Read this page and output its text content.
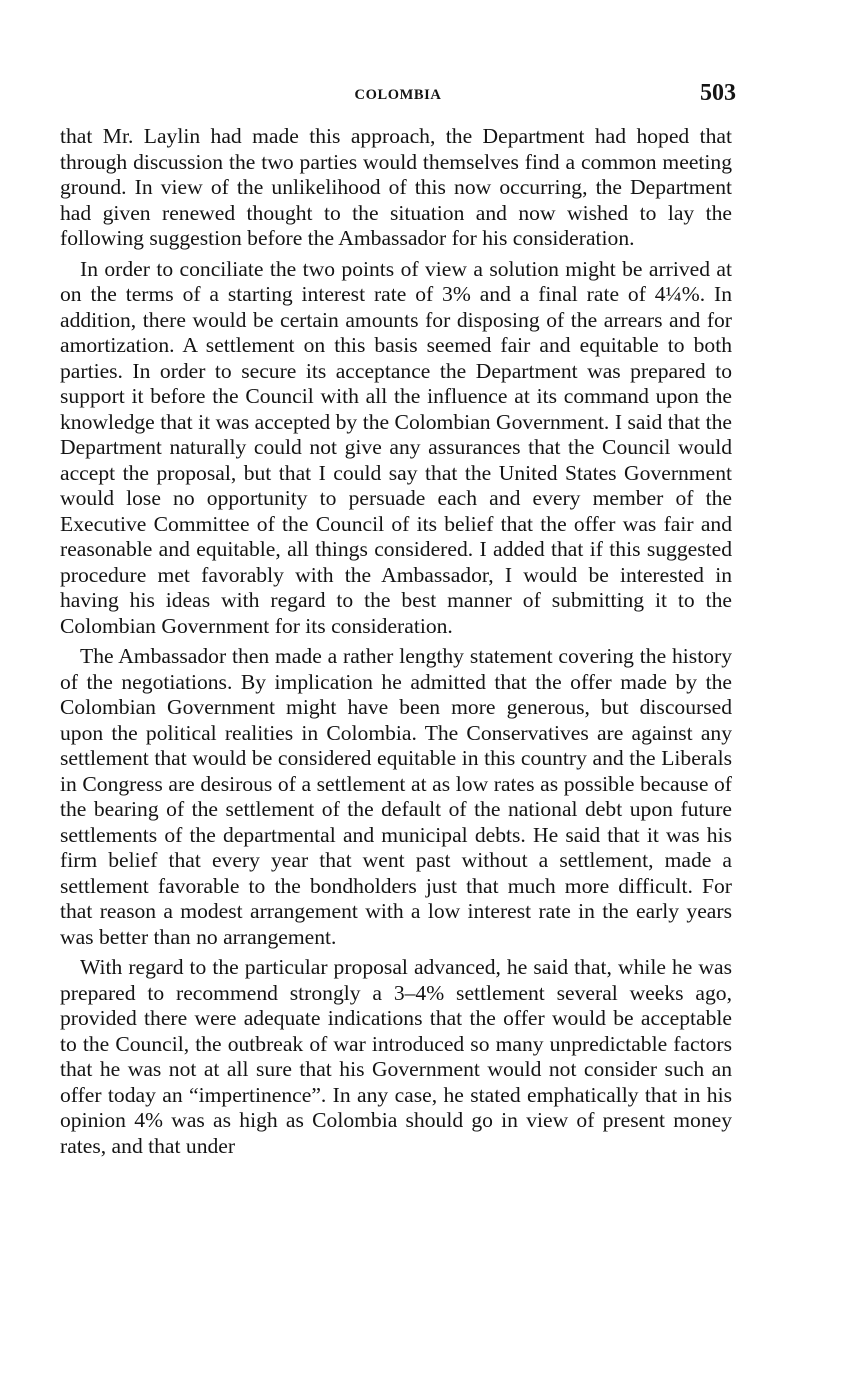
COLOMBIA	503

that Mr. Laylin had made this approach, the Department had hoped that through discussion the two parties would themselves find a common meeting ground. In view of the unlikelihood of this now occurring, the Department had given renewed thought to the situation and now wished to lay the following suggestion before the Ambassador for his consideration.

In order to conciliate the two points of view a solution might be arrived at on the terms of a starting interest rate of 3% and a final rate of 4¼%. In addition, there would be certain amounts for disposing of the arrears and for amortization. A settlement on this basis seemed fair and equitable to both parties. In order to secure its acceptance the Department was prepared to support it before the Council with all the influence at its command upon the knowledge that it was accepted by the Colombian Government. I said that the Department naturally could not give any assurances that the Council would accept the proposal, but that I could say that the United States Government would lose no opportunity to persuade each and every member of the Executive Committee of the Council of its belief that the offer was fair and reasonable and equitable, all things considered. I added that if this suggested procedure met favorably with the Ambassador, I would be interested in having his ideas with regard to the best manner of submitting it to the Colombian Government for its consideration.

The Ambassador then made a rather lengthy statement covering the history of the negotiations. By implication he admitted that the offer made by the Colombian Government might have been more generous, but discoursed upon the political realities in Colombia. The Conservatives are against any settlement that would be considered equitable in this country and the Liberals in Congress are desirous of a settlement at as low rates as possible because of the bearing of the settlement of the default of the national debt upon future settlements of the departmental and municipal debts. He said that it was his firm belief that every year that went past without a settlement, made a settlement favorable to the bondholders just that much more difficult. For that reason a modest arrangement with a low interest rate in the early years was better than no arrangement.

With regard to the particular proposal advanced, he said that, while he was prepared to recommend strongly a 3–4% settlement several weeks ago, provided there were adequate indications that the offer would be acceptable to the Council, the outbreak of war introduced so many unpredictable factors that he was not at all sure that his Government would not consider such an offer today an “impertinence”. In any case, he stated emphatically that in his opinion 4% was as high as Colombia should go in view of present money rates, and that under
